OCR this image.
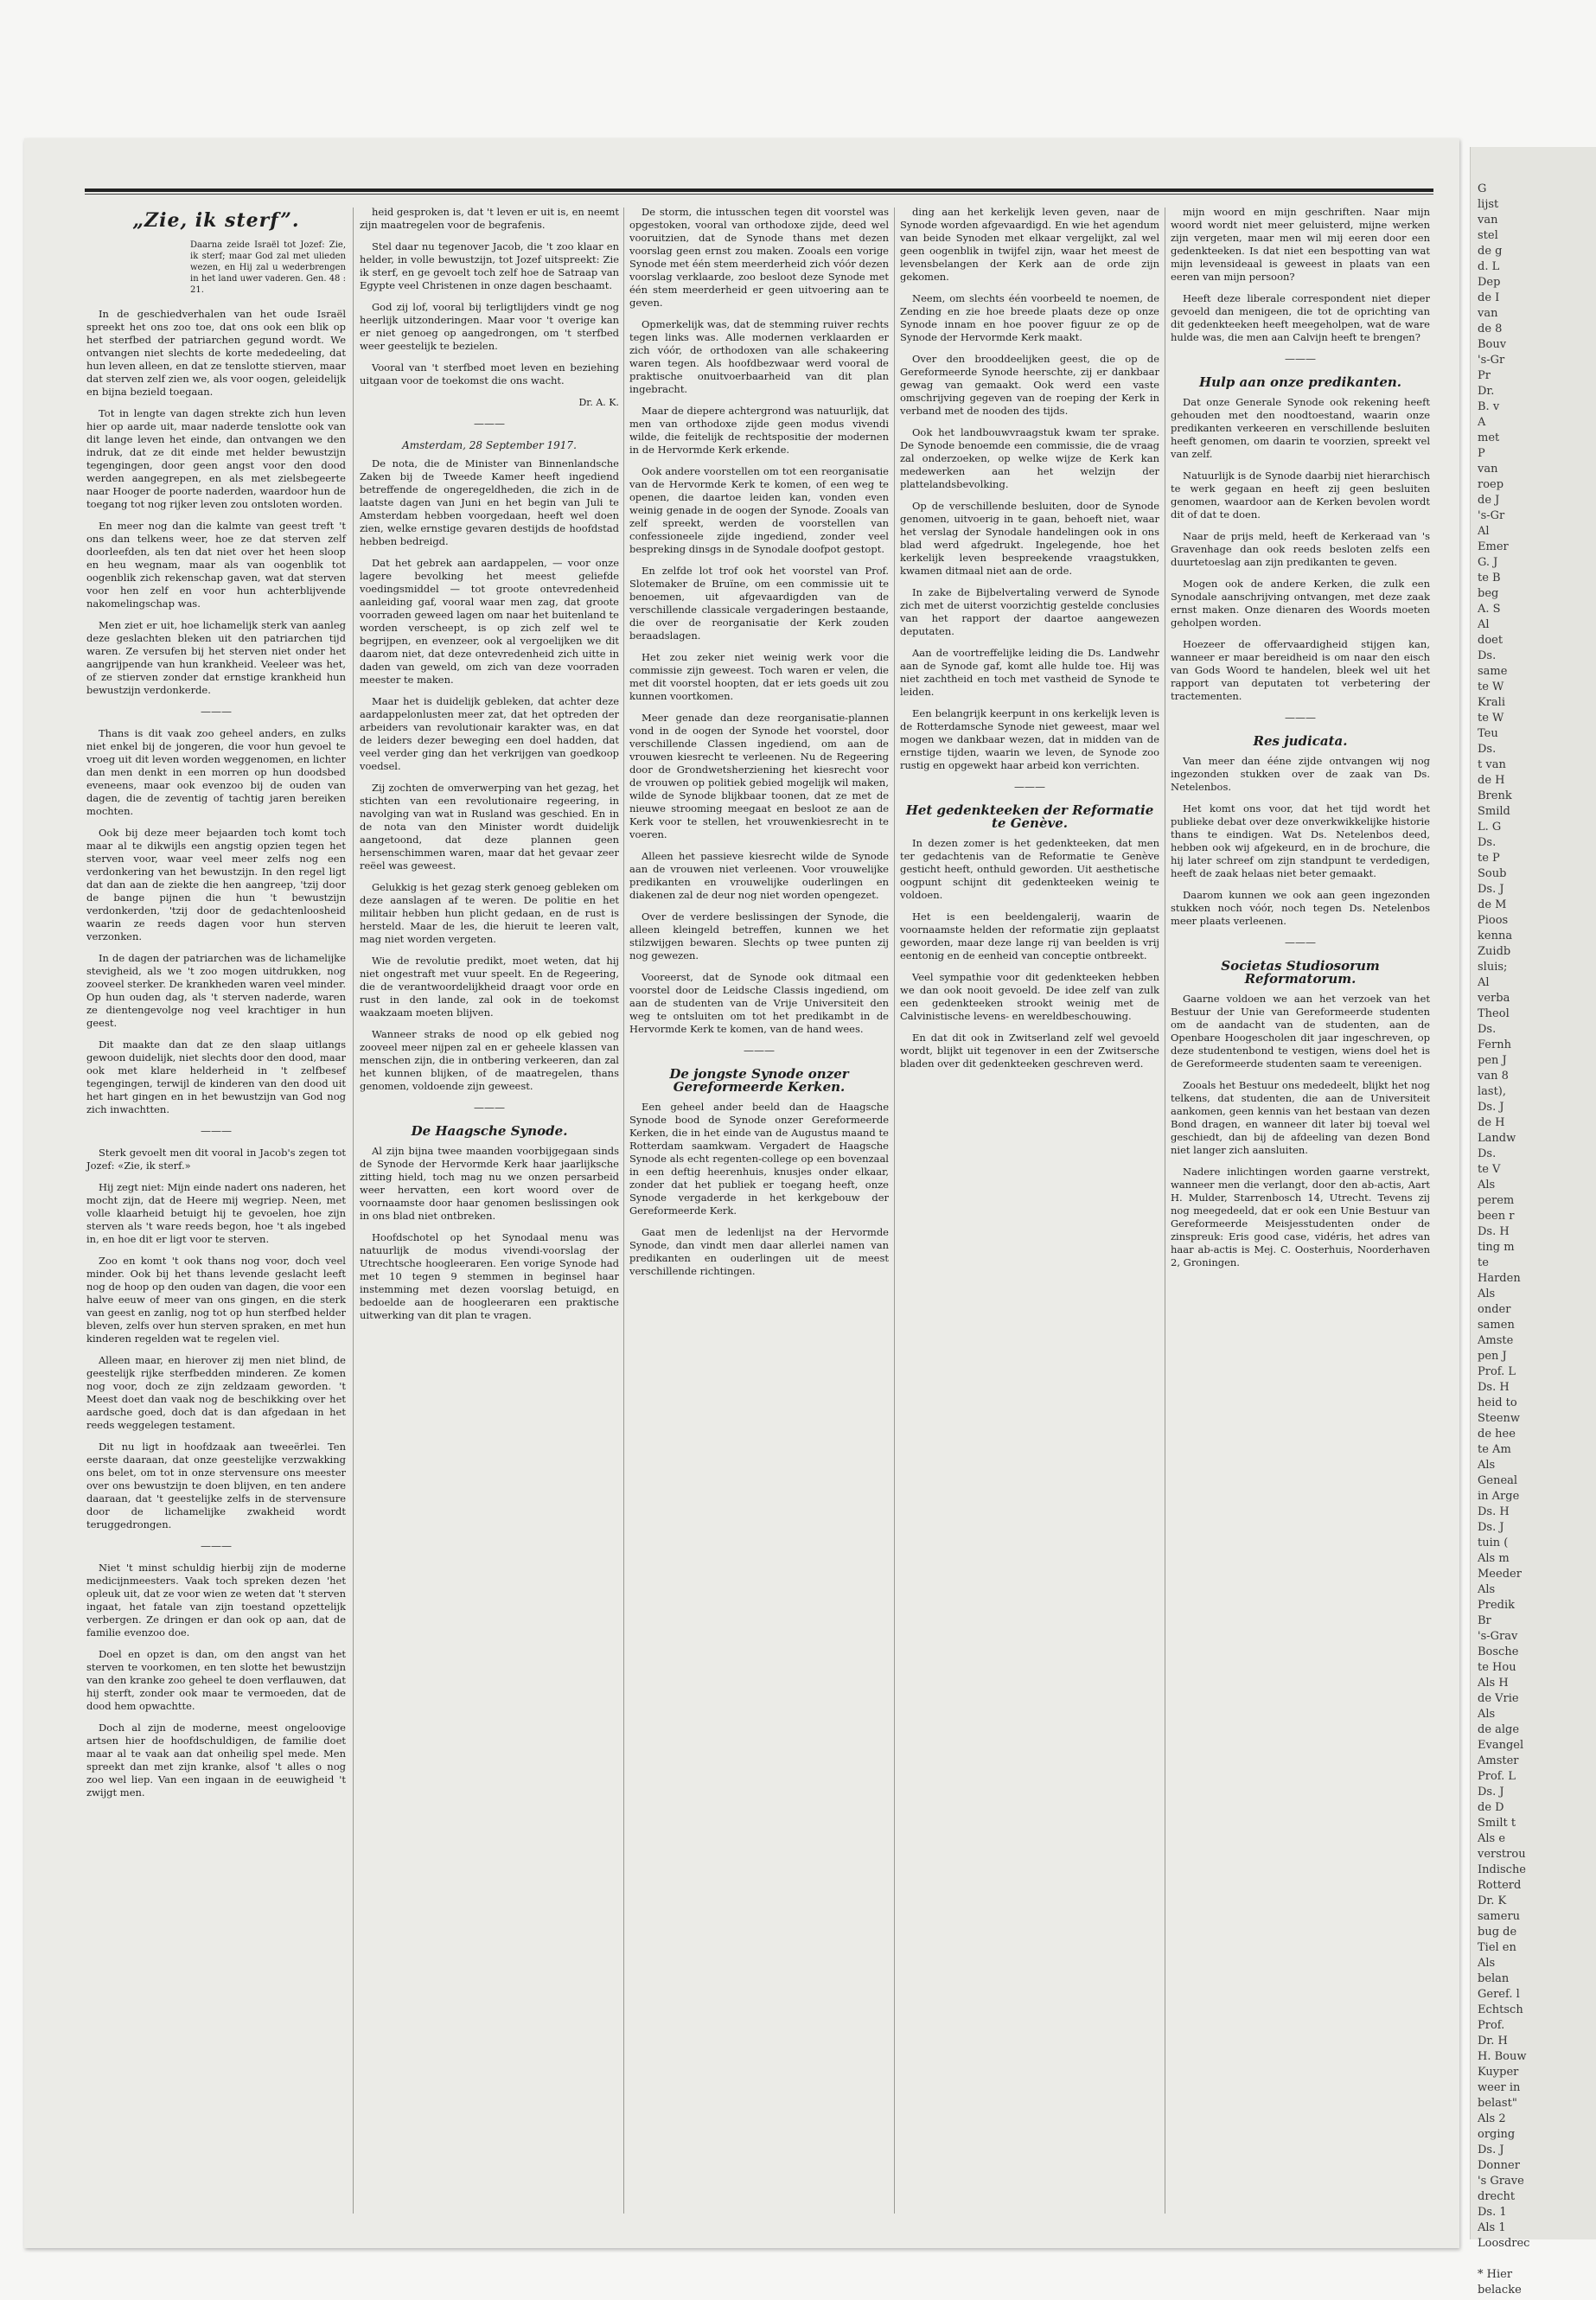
„Zie, ik sterf”.
Daarna zeide Israël tot Jozef: Zie, ik sterf; maar God zal met ulieden wezen, en Hij zal u wederbrengen in het land uwer vaderen. Gen. 48 : 21.

In de geschiedverhalen van het oude Israël spreekt het ons zoo toe, dat ons ook een blik op het sterfbed der patriarchen gegund wordt. We ontvangen niet slechts de korte mededeeling, dat hun leven alleen, en dat ze tenslotte stierven, maar dat sterven zelf zien we, als voor oogen, geleidelijk en bijna bezield toegaan.

Tot in lengte van dagen strekte zich hun leven hier op aarde uit, maar naderde tenslotte ook van dit lange leven het einde, dan ontvangen we den indruk, dat ze dit einde met helder bewustzijn tegengingen, door geen angst voor den dood werden aangegrepen, en als met zielsbegeerte naar Hooger de poorte naderden, waardoor hun de toegang tot nog rijker leven zou ontsloten worden.

En meer nog dan die kalmte van geest treft 't ons dan telkens weer, hoe ze dat sterven zelf doorleefden, als ten dat niet over het heen sloop en heu wegnam, maar als van oogenblik tot oogenblik zich rekenschap gaven, wat dat sterven voor hen zelf en voor hun achterblijvende nakomelingschap was.

Men ziet er uit, hoe lichamelijk sterk van aanleg deze geslachten bleken uit den patriarchen tijd waren. Ze versufen bij het sterven niet onder het aangrijpende van hun krankheid. Veeleer was het, of ze stierven zonder dat ernstige krankheid hun bewustzijn verdonkerde.

———

Thans is dit vaak zoo geheel anders, en zulks niet enkel bij de jongeren, die voor hun gevoel te vroeg uit dit leven worden weggenomen, en lichter dan men denkt in een morren op hun doodsbed eveneens, maar ook evenzoo bij de ouden van dagen, die de zeventig of tachtig jaren bereiken mochten.

Ook bij deze meer bejaarden toch komt toch maar al te dikwijls een angstig opzien tegen het sterven voor, waar veel meer zelfs nog een verdonkering van het bewustzijn. In den regel ligt dat dan aan de ziekte die hen aangreep, 'tzij door de bange pijnen die hun 't bewustzijn verdonkerden, 'tzij door de gedachtenloosheid waarin ze reeds dagen voor hun sterven verzonken.

In de dagen der patriarchen was de lichamelijke stevigheid, als we 't zoo mogen uitdrukken, nog zooveel sterker. De krankheden waren veel minder. Op hun ouden dag, als 't sterven naderde, waren ze dientengevolge nog veel krachtiger in hun geest.

Dit maakte dan dat ze den slaap uitlangs gewoon duidelijk, niet slechts door den dood, maar ook met klare helderheid in 't zelfbesef tegengingen, terwijl de kinderen van den dood uit het hart gingen en in het bewustzijn van God nog zich inwachtten.

———

Sterk gevoelt men dit vooral in Jacob's zegen tot Jozef: «Zie, ik sterf.»

Hij zegt niet: Mijn einde nadert ons naderen, het mocht zijn, dat de Heere mij wegriep. Neen, met volle klaarheid betuigt hij te gevoelen, hoe zijn sterven als 't ware reeds begon, hoe 't als ingebed in, en hoe dit er ligt voor te sterven.

Zoo en komt 't ook thans nog voor, doch veel minder. Ook bij het thans levende geslacht leeft nog de hoop op den ouden van dagen, die voor een halve eeuw of meer van ons gingen, en die sterk van geest en zanlig, nog tot op hun sterfbed helder bleven, zelfs over hun sterven spraken, en met hun kinderen regelden wat te regelen viel.

Alleen maar, en hierover zij men niet blind, de geestelijk rijke sterfbedden minderen. Ze komen nog voor, doch ze zijn zeldzaam geworden. 't Meest doet dan vaak nog de beschikking over het aardsche goed, doch dat is dan afgedaan in het reeds weggelegen testament.

Dit nu ligt in hoofdzaak aan tweeërlei. Ten eerste daaraan, dat onze geestelijke verzwakking ons belet, om tot in onze stervensure ons meester over ons bewustzijn te doen blijven, en ten andere daaraan, dat 't geestelijke zelfs in de stervensure door de lichamelijke zwakheid wordt teruggedrongen.

———

Niet 't minst schuldig hierbij zijn de moderne medicijnmeesters. Vaak toch spreken dezen 'het opleuk uit, dat ze voor wien ze weten dat 't sterven ingaat, het fatale van zijn toestand opzettelijk verbergen. Ze dringen er dan ook op aan, dat de familie evenzoo doe.

Doel en opzet is dan, om den angst van het sterven te voorkomen, en ten slotte het bewustzijn van den kranke zoo geheel te doen verflauwen, dat hij sterft, zonder ook maar te vermoeden, dat de dood hem opwachtte.

Doch al zijn de moderne, meest ongeloovige artsen hier de hoofdschuldigen, de familie doet maar al te vaak aan dat onheilig spel mede. Men spreekt dan met zijn kranke, alsof 't alles o nog zoo wel liep. Van een ingaan in de eeuwigheid 't zwijgt men.

heid gesproken is, dat 't leven er uit is, en neemt zijn maatregelen voor de begrafenis.

Stel daar nu tegenover Jacob, die 't zoo klaar en helder, in volle bewustzijn, tot Jozef uitspreekt: Zie ik sterf, en ge gevoelt toch zelf hoe de Satraap van Egypte veel Christenen in onze dagen beschaamt.

God zij lof, vooral bij terligtlijders vindt ge nog heerlijk uitzonderingen. Maar voor 't overige kan er niet genoeg op aangedrongen, om 't sterfbed weer geestelijk te bezielen.

Vooral van 't sterfbed moet leven en beziehing uitgaan voor de toekomst die ons wacht.

Dr. A. K.
———
Amsterdam, 28 September 1917.

De nota, die de Minister van Binnenlandsche Zaken bij de Tweede Kamer heeft ingediend betreffende de ongeregeldheden, die zich in de laatste dagen van Juni en het begin van Juli te Amsterdam hebben voorgedaan, heeft wel doen zien, welke ernstige gevaren destijds de hoofdstad hebben bedreigd.

Dat het gebrek aan aardappelen, — voor onze lagere bevolking het meest geliefde voedingsmiddel — tot groote ontevredenheid aanleiding gaf, vooral waar men zag, dat groote voorraden geweed lagen om naar het buitenland te worden verscheept, is op zich zelf wel te begrijpen, en evenzeer, ook al vergoelijken we dit daarom niet, dat deze ontevredenheid zich uitte in daden van geweld, om zich van deze voorraden meester te maken.

Maar het is duidelijk gebleken, dat achter deze aardappelonlusten meer zat, dat het optreden der arbeiders van revolutionair karakter was, en dat de leiders dezer beweging een doel hadden, dat veel verder ging dan het verkrijgen van goedkoop voedsel.

Zij zochten de omverwerping van het gezag, het stichten van een revolutionaire regeering, in navolging van wat in Rusland was geschied. En in de nota van den Minister wordt duidelijk aangetoond, dat deze plannen geen hersenschimmen waren, maar dat het gevaar zeer reëel was geweest.

Gelukkig is het gezag sterk genoeg gebleken om deze aanslagen af te weren. De politie en het militair hebben hun plicht gedaan, en de rust is hersteld. Maar de les, die hieruit te leeren valt, mag niet worden vergeten.

Wie de revolutie predikt, moet weten, dat hij niet ongestraft met vuur speelt. En de Regeering, die de verantwoordelijkheid draagt voor orde en rust in den lande, zal ook in de toekomst waakzaam moeten blijven.

Wanneer straks de nood op elk gebied nog zooveel meer nijpen zal en er geheele klassen van menschen zijn, die in ontbering verkeeren, dan zal het kunnen blijken, of de maatregelen, thans genomen, voldoende zijn geweest.

———
De Haagsche Synode.

Al zijn bijna twee maanden voorbijgegaan sinds de Synode der Hervormde Kerk haar jaarlijksche zitting hield, toch mag nu we onzen persarbeid weer hervatten, een kort woord over de voornaamste door haar genomen beslissingen ook in ons blad niet ontbreken.

Hoofdschotel op het Synodaal menu was natuurlijk de modus vivendi-voorslag der Utrechtsche hoogleeraren. Een vorige Synode had met 10 tegen 9 stemmen in beginsel haar instemming met dezen voorslag betuigd, en bedoelde aan de hoogleeraren een praktische uitwerking van dit plan te vragen.

De storm, die intusschen tegen dit voorstel was opgestoken, vooral van orthodoxe zijde, deed wel vooruitzien, dat de Synode thans met dezen voorslag geen ernst zou maken. Zooals een vorige Synode met één stem meerderheid zich vóór dezen voorslag verklaarde, zoo besloot deze Synode met één stem meerderheid er geen uitvoering aan te geven.

Opmerkelijk was, dat de stemming ruiver rechts tegen links was. Alle modernen verklaarden er zich vóór, de orthodoxen van alle schakeering waren tegen. Als hoofdbezwaar werd vooral de praktische onuitvoerbaarheid van dit plan ingebracht.

Maar de diepere achtergrond was natuurlijk, dat men van orthodoxe zijde geen modus vivendi wilde, die feitelijk de rechtspositie der modernen in de Hervormde Kerk erkende.

Ook andere voorstellen om tot een reorganisatie van de Hervormde Kerk te komen, of een weg te openen, die daartoe leiden kan, vonden even weinig genade in de oogen der Synode. Zooals van zelf spreekt, werden de voorstellen van confessioneele zijde ingediend, zonder veel bespreking dinsgs in de Synodale doofpot gestopt.

En zelfde lot trof ook het voorstel van Prof. Slotemaker de Bruïne, om een commissie uit te benoemen, uit afgevaardigden van de verschillende classicale vergaderingen bestaande, die over de reorganisatie der Kerk zouden beraadslagen.

Het zou zeker niet weinig werk voor die commissie zijn geweest. Toch waren er velen, die met dit voorstel hoopten, dat er iets goeds uit zou kunnen voortkomen.

Meer genade dan deze reorganisatie-plannen vond in de oogen der Synode het voorstel, door verschillende Classen ingediend, om aan de vrouwen kiesrecht te verleenen. Nu de Regeering door de Grondwetsherziening het kiesrecht voor de vrouwen op politiek gebied mogelijk wil maken, wilde de Synode blijkbaar toonen, dat ze met de nieuwe strooming meegaat en besloot ze aan de Kerk voor te stellen, het vrouwenkiesrecht in te voeren.

Alleen het passieve kiesrecht wilde de Synode aan de vrouwen niet verleenen. Voor vrouwelijke predikanten en vrouwelijke ouderlingen en diakenen zal de deur nog niet worden opengezet.

Over de verdere beslissingen der Synode, die alleen kleingeld betreffen, kunnen we het stilzwijgen bewaren. Slechts op twee punten zij nog gewezen.

Vooreerst, dat de Synode ook ditmaal een voorstel door de Leidsche Classis ingediend, om aan de studenten van de Vrije Universiteit den weg te ontsluiten om tot het predikambt in de Hervormde Kerk te komen, van de hand wees.

———
De jongste Synode onzer Gereformeerde Kerken.

Een geheel ander beeld dan de Haagsche Synode bood de Synode onzer Gereformeerde Kerken, die in het einde van de Augustus maand te Rotterdam saamkwam. Vergadert de Haagsche Synode als echt regenten-college op een bovenzaal in een deftig heerenhuis, knusjes onder elkaar, zonder dat het publiek er toegang heeft, onze Synode vergaderde in het kerkgebouw der Gereformeerde Kerk.

Gaat men de ledenlijst na der Hervormde Synode, dan vindt men daar allerlei namen van predikanten en ouderlingen uit de meest verschillende richtingen.

ding aan het kerkelijk leven geven, naar de Synode worden afgevaardigd. En wie het agendum van beide Synoden met elkaar vergelijkt, zal wel geen oogenblik in twijfel zijn, waar het meest de levensbelangen der Kerk aan de orde zijn gekomen.

Neem, om slechts één voorbeeld te noemen, de Zending en zie hoe breede plaats deze op onze Synode innam en hoe poover figuur ze op de Synode der Hervormde Kerk maakt.

Over den brooddeelijken geest, die op de Gereformeerde Synode heerschte, zij er dankbaar gewag van gemaakt. Ook werd een vaste omschrijving gegeven van de roeping der Kerk in verband met de nooden des tijds.

Ook het landbouwvraagstuk kwam ter sprake. De Synode benoemde een commissie, die de vraag zal onderzoeken, op welke wijze de Kerk kan medewerken aan het welzijn der plattelandsbevolking.

Op de verschillende besluiten, door de Synode genomen, uitvoerig in te gaan, behoeft niet, waar het verslag der Synodale handelingen ook in ons blad werd afgedrukt. Ingelegende, hoe het kerkelijk leven bespreekende vraagstukken, kwamen ditmaal niet aan de orde.

In zake de Bijbelvertaling verwerd de Synode zich met de uiterst voorzichtig gestelde conclusies van het rapport der daartoe aangewezen deputaten.

Aan de voortreffelijke leiding die Ds. Landwehr aan de Synode gaf, komt alle hulde toe. Hij was niet zachtheid en toch met vastheid de Synode te leiden.

Een belangrijk keerpunt in ons kerkelijk leven is de Rotterdamsche Synode niet geweest, maar wel mogen we dankbaar wezen, dat in midden van de ernstige tijden, waarin we leven, de Synode zoo rustig en opgewekt haar arbeid kon verrichten.

———
Het gedenkteeken der Reformatie te Genève.

In dezen zomer is het gedenkteeken, dat men ter gedachtenis van de Reformatie te Genève gesticht heeft, onthuld geworden. Uit aesthetische oogpunt schijnt dit gedenkteeken weinig te voldoen.

Het is een beeldengalerij, waarin de voornaamste helden der reformatie zijn geplaatst geworden, maar deze lange rij van beelden is vrij eentonig en de eenheid van conceptie ontbreekt.

Veel sympathie voor dit gedenkteeken hebben we dan ook nooit gevoeld. De idee zelf van zulk een gedenkteeken strookt weinig met de Calvinistische levens- en wereldbeschouwing.

En dat dit ook in Zwitserland zelf wel gevoeld wordt, blijkt uit tegenover in een der Zwitsersche bladen over dit gedenkteeken geschreven werd.

mijn woord en mijn geschriften. Naar mijn woord wordt niet meer geluisterd, mijne werken zijn vergeten, maar men wil mij eeren door een gedenkteeken. Is dat niet een bespotting van wat mijn levensideaal is geweest in plaats van een eeren van mijn persoon?

Heeft deze liberale correspondent niet dieper gevoeld dan menigeen, die tot de oprichting van dit gedenkteeken heeft meegeholpen, wat de ware hulde was, die men aan Calvijn heeft te brengen?

———
Hulp aan onze predikanten.

Dat onze Generale Synode ook rekening heeft gehouden met den noodtoestand, waarin onze predikanten verkeeren en verschillende besluiten heeft genomen, om daarin te voorzien, spreekt vel van zelf.

Natuurlijk is de Synode daarbij niet hierarchisch te werk gegaan en heeft zij geen besluiten genomen, waardoor aan de Kerken bevolen wordt dit of dat te doen.

Naar de prijs meld, heeft de Kerkeraad van 's Gravenhage dan ook reeds besloten zelfs een duurtetoeslag aan zijn predikanten te geven.

Mogen ook de andere Kerken, die zulk een Synodale aanschrijving ontvangen, met deze zaak ernst maken. Onze dienaren des Woords moeten geholpen worden.

Hoezeer de offervaardigheid stijgen kan, wanneer er maar bereidheid is om naar den eisch van Gods Woord te handelen, bleek wel uit het rapport van deputaten tot verbetering der tractementen.

———
Res judicata.

Van meer dan ééne zijde ontvangen wij nog ingezonden stukken over de zaak van Ds. Netelenbos.

Het komt ons voor, dat het tijd wordt het publieke debat over deze onverkwikkelijke historie thans te eindigen. Wat Ds. Netelenbos deed, hebben ook wij afgekeurd, en in de brochure, die hij later schreef om zijn standpunt te verdedigen, heeft de zaak helaas niet beter gemaakt.

Daarom kunnen we ook aan geen ingezonden stukken noch vóór, noch tegen Ds. Netelenbos meer plaats verleenen.

———
Societas Studiosorum Reformatorum.

Gaarne voldoen we aan het verzoek van het Bestuur der Unie van Gereformeerde studenten om de aandacht van de studenten, aan de Openbare Hoogescholen dit jaar ingeschreven, op deze studentenbond te vestigen, wiens doel het is de Gereformeerde studenten saam te vereenigen.

Zooals het Bestuur ons mededeelt, blijkt het nog telkens, dat studenten, die aan de Universiteit aankomen, geen kennis van het bestaan van dezen Bond dragen, en wanneer dit later bij toeval wel geschiedt, dan bij de afdeeling van dezen Bond niet langer zich aansluiten.

Nadere inlichtingen worden gaarne verstrekt, wanneer men die verlangt, door den ab-actis, Aart H. Mulder, Starrenbosch 14, Utrecht. Tevens zij nog meegedeeld, dat er ook een Unie Bestuur van Gereformeerde Meisjesstudenten onder de zinspreuk: Eris good case, vidéris, het adres van haar ab-actis is Mej. C. Oosterhuis, Noorderhaven 2, Groningen.

G
lijst
van
stel
de g
d. L
Dep
de I
van
de 8
Bouv
's-Gr
Pr
Dr.
B. v
A
met
P
van
roep
de J
's-Gr
Al
Emer
G. J
te B
beg
A. S
Al
doet
Ds.
same
te W
Krali
te W
Teu
Ds.
t van
de H
Brenk
Smild
L. G
Ds.
te P
Soub
Ds. J
de M
Pioos
kenna
Zuidb
sluis;
Al
verba
Theol
Ds.
Fernh
pen J
van 8
last),
Ds. J
de H
Landw
Ds.
te V
Als
perem
been r
Ds. H
ting m
te
Harden
Als
onder
samen
Amste
pen J
Prof. L
Ds. H
heid to
Steenw
de hee
te Am
Als
Geneal
in Arge
Ds. H
Ds. J
tuin (
Als m
Meeder
Als
Predik
Br
's-Grav
Bosche
te Hou
Als H
de Vrie
Als
de alge
Evangel
Amster
Prof. L
Ds. J
de D
Smilt t
Als e
verstrou
Indische
Rotterd
Dr. K
sameru
bug de
Tiel en
Als
belan
Geref. l
Echtsch
Prof.
Dr. H
H. Bouw
Kuyper
weer in
belast"
Als 2
orging
Ds. J
Donner
's Grave
drecht
Ds. 1
Als 1
Loosdrec

* Hier
belacke
